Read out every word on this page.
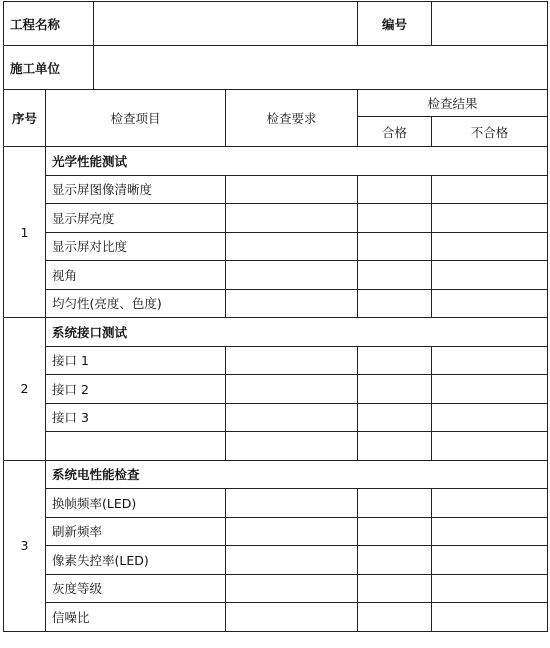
工程名称				编号	
施工单位					
序号	检查项目		检查要求	检查结果	
				合格	不合格
1	光学性能测试				
	显示屏图像清晰度				
	显示屏亮度				
	显示屏对比度				
	视角				
	均匀性(亮度、色度)				
2	系统接口测试				
	接口 1				
	接口 2				
	接口 3				

3	系统电性能检查				
	换帧频率(LED)				
	刷新频率				
	像素失控率(LED)				
	灰度等级				
	信噪比				
